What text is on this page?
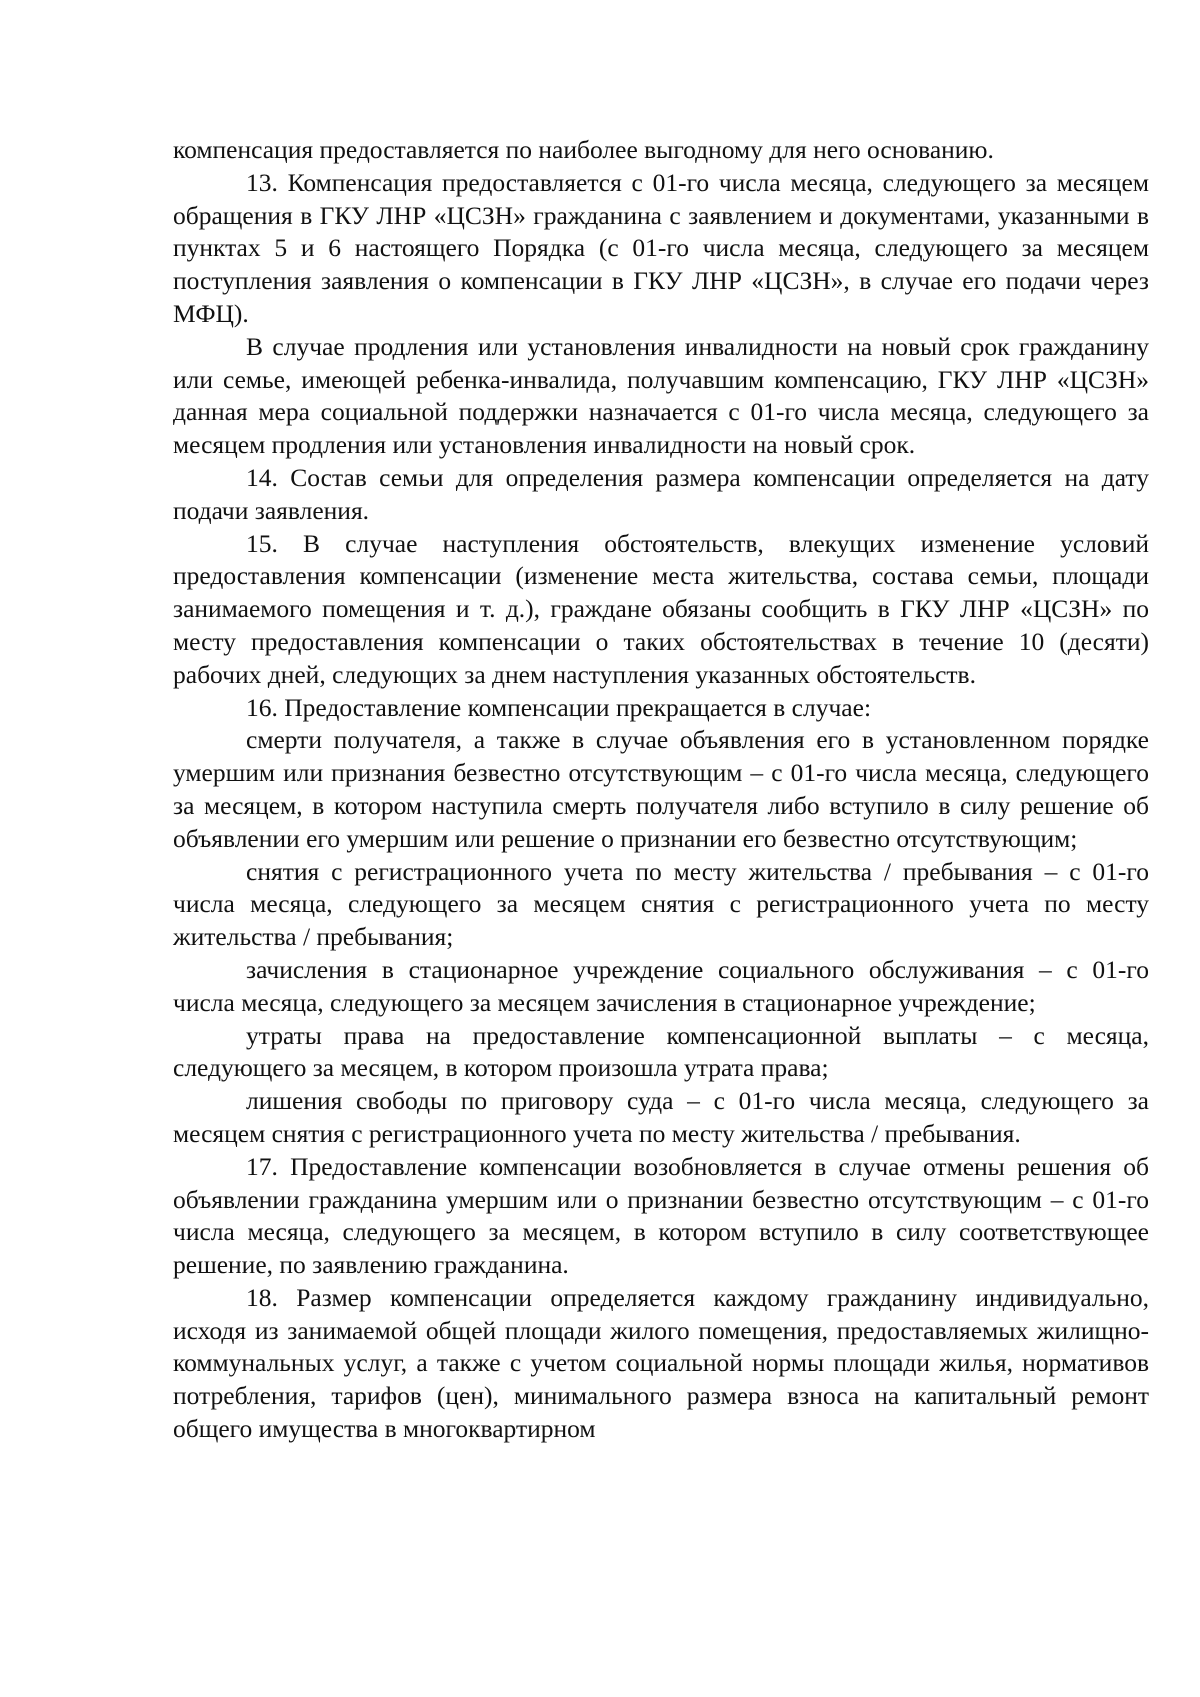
компенсация предоставляется по наиболее выгодному для него основанию.

13. Компенсация предоставляется с 01-го числа месяца, следующего за месяцем обращения в ГКУ ЛНР «ЦСЗН» гражданина с заявлением и документами, указанными в пунктах 5 и 6 настоящего Порядка (с 01-го числа месяца, следующего за месяцем поступления заявления о компенсации в ГКУ ЛНР «ЦСЗН», в случае его подачи через МФЦ).

В случае продления или установления инвалидности на новый срок гражданину или семье, имеющей ребенка-инвалида, получавшим компенсацию, ГКУ ЛНР «ЦСЗН» данная мера социальной поддержки назначается с 01-го числа месяца, следующего за месяцем продления или установления инвалидности на новый срок.

14. Состав семьи для определения размера компенсации определяется на дату подачи заявления.

15. В случае наступления обстоятельств, влекущих изменение условий предоставления компенсации (изменение места жительства, состава семьи, площади занимаемого помещения и т. д.), граждане обязаны сообщить в ГКУ ЛНР «ЦСЗН» по месту предоставления компенсации о таких обстоятельствах в течение 10 (десяти) рабочих дней, следующих за днем наступления указанных обстоятельств.

16. Предоставление компенсации прекращается в случае:

смерти получателя, а также в случае объявления его в установленном порядке умершим или признания безвестно отсутствующим – с 01-го числа месяца, следующего за месяцем, в котором наступила смерть получателя либо вступило в силу решение об объявлении его умершим или решение о признании его безвестно отсутствующим;

снятия с регистрационного учета по месту жительства / пребывания – с 01-го числа месяца, следующего за месяцем снятия с регистрационного учета по месту жительства / пребывания;

зачисления в стационарное учреждение социального обслуживания – с 01-го числа месяца, следующего за месяцем зачисления в стационарное учреждение;

утраты права на предоставление компенсационной выплаты – с месяца, следующего за месяцем, в котором произошла утрата права;

лишения свободы по приговору суда – с 01-го числа месяца, следующего за месяцем снятия с регистрационного учета по месту жительства / пребывания.

17. Предоставление компенсации возобновляется в случае отмены решения об объявлении гражданина умершим или о признании безвестно отсутствующим – с 01-го числа месяца, следующего за месяцем, в котором вступило в силу соответствующее решение, по заявлению гражданина.

18. Размер компенсации определяется каждому гражданину индивидуально, исходя из занимаемой общей площади жилого помещения, предоставляемых жилищно-коммунальных услуг, а также с учетом социальной нормы площади жилья, нормативов потребления, тарифов (цен), минимального размера взноса на капитальный ремонт общего имущества в многоквартирном
